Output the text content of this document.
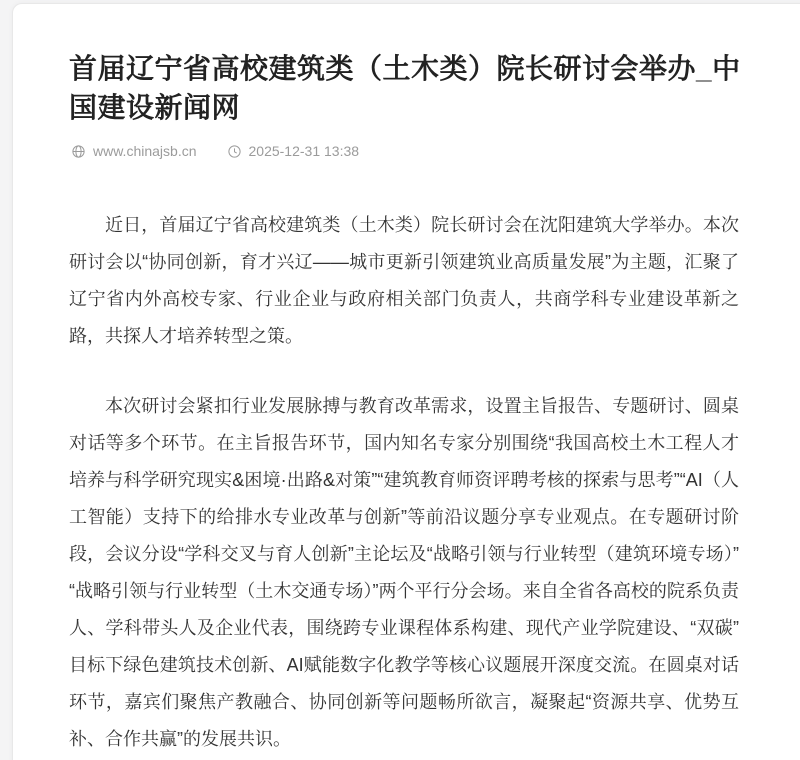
首届辽宁省高校建筑类（土木类）院长研讨会举办_中国建设新闻网
www.chinajsb.cn	2025-12-31 13:38

近日，首届辽宁省高校建筑类（土木类）院长研讨会在沈阳建筑大学举办。本次研讨会以“协同创新，育才兴辽——城市更新引领建筑业高质量发展”为主题，汇聚了辽宁省内外高校专家、行业企业与政府相关部门负责人，共商学科专业建设革新之路，共探人才培养转型之策。

本次研讨会紧扣行业发展脉搏与教育改革需求，设置主旨报告、专题研讨、圆桌对话等多个环节。在主旨报告环节，国内知名专家分别围绕“我国高校土木工程人才培养与科学研究现实&困境·出路&对策”“建筑教育师资评聘考核的探索与思考”“AI（人工智能）支持下的给排水专业改革与创新”等前沿议题分享专业观点。在专题研讨阶段，会议分设“学科交叉与育人创新”主论坛及“战略引领与行业转型（建筑环境专场）”“战略引领与行业转型（土木交通专场）”两个平行分会场。来自全省各高校的院系负责人、学科带头人及企业代表，围绕跨专业课程体系构建、现代产业学院建设、“双碳”目标下绿色建筑技术创新、AI赋能数字化教学等核心议题展开深度交流。在圆桌对话环节，嘉宾们聚焦产教融合、协同创新等问题畅所欲言，凝聚起“资源共享、优势互补、合作共赢”的发展共识。
